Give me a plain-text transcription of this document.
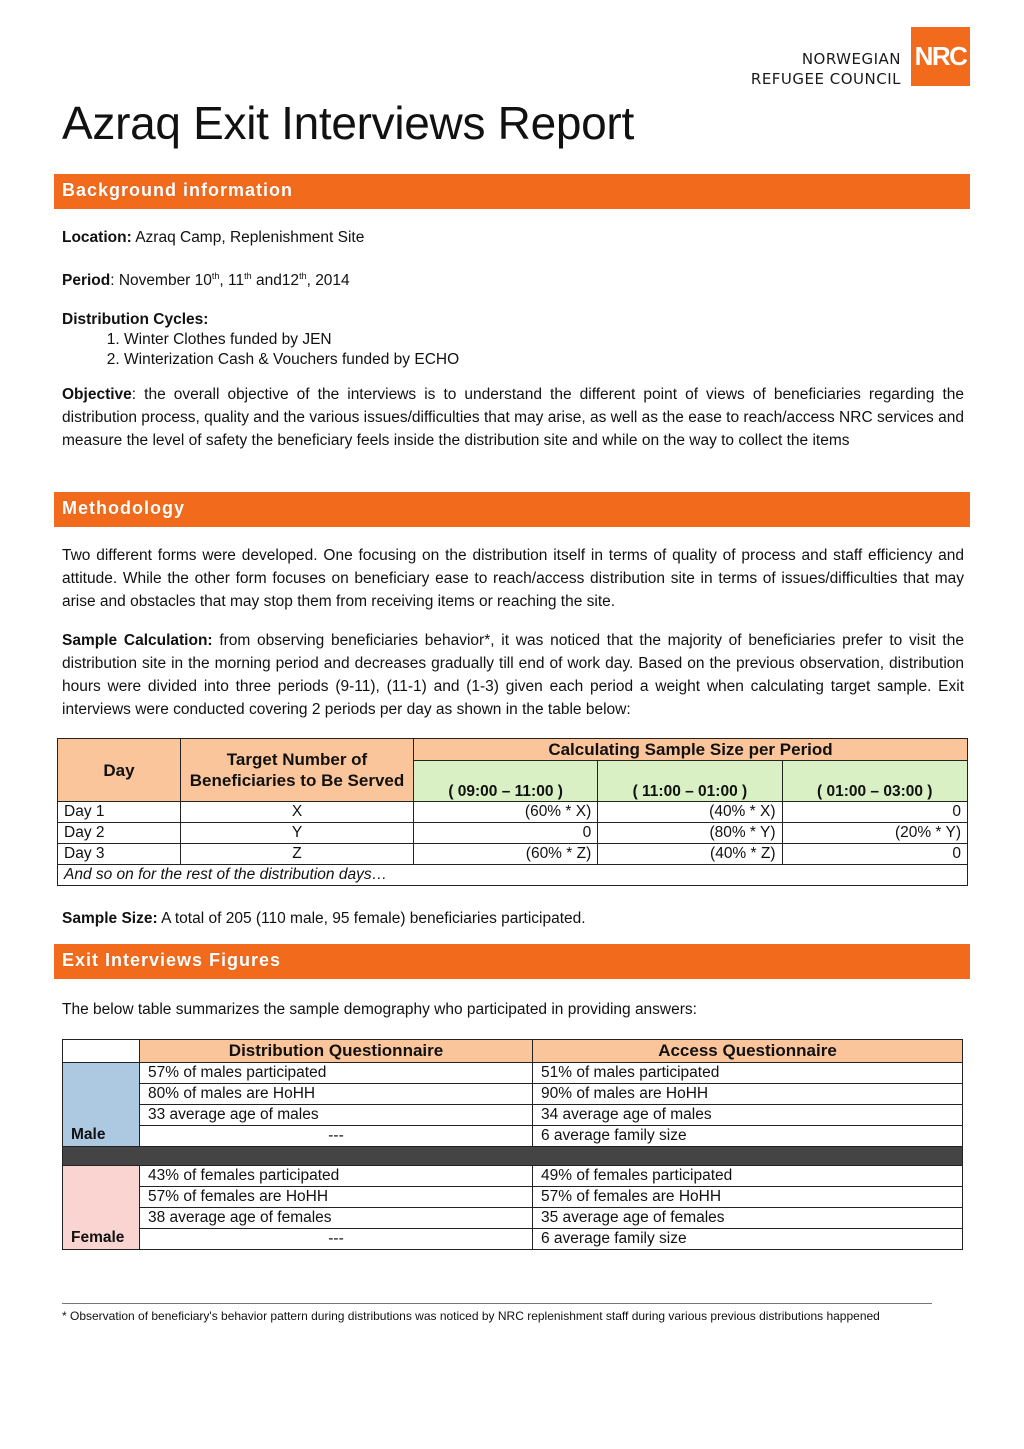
NORWEGIAN
REFUGEE COUNCIL
NRC
Azraq Exit Interviews Report
Background information

Location: Azraq Camp, Replenishment Site

Period: November 10th, 11th and12th, 2014

Distribution Cycles:

1. Winter Clothes funded by JEN
2. Winterization Cash & Vouchers funded by ECHO

Objective: the overall objective of the interviews is to understand the different point of views of beneficiaries regarding the distribution process, quality and the various issues/difficulties that may arise, as well as the ease to reach/access NRC services and measure the level of safety the beneficiary feels inside the distribution site and while on the way to collect the items

Methodology

Two different forms were developed. One focusing on the distribution itself in terms of quality of process and staff efficiency and attitude. While the other form focuses on beneficiary ease to reach/access distribution site in terms of issues/difficulties that may arise and obstacles that may stop them from receiving items or reaching the site.

Sample Calculation: from observing beneficiaries behavior*, it was noticed that the majority of beneficiaries prefer to visit the distribution site in the morning period and decreases gradually till end of work day. Based on the previous observation, distribution hours were divided into three periods (9-11), (11-1) and (1-3) given each period a weight when calculating target sample. Exit interviews were conducted covering 2 periods per day as shown in the table below:

Day	Target Number of Beneficiaries to Be Served	Calculating Sample Size per Period		
		( 09:00 – 11:00 )	( 11:00 – 01:00 )	( 01:00 – 03:00 )
Day 1	X	(60% * X)	(40% * X)	0
Day 2	Y	0	(80% * Y)	(20% * Y)
Day 3	Z	(60% * Z)	(40% * Z)	0
And so on for the rest of the distribution days…				
Sample Size: A total of 205 (110 male, 95 female) beneficiaries participated.
Exit Interviews Figures
The below table summarizes the sample demography who participated in providing answers:
	Distribution Questionnaire	Access Questionnaire
Male	57% of males participated	51% of males participated
	80% of males are HoHH	90% of males are HoHH
	33 average age of males	34 average age of males
	---	6 average family size

Female	43% of females participated	49% of females participated
	57% of females are HoHH	57% of females are HoHH
	38 average age of females	35 average age of females
	---	6 average family size
* Observation of beneficiary's behavior pattern during distributions was noticed by NRC replenishment staff during various previous distributions happened
